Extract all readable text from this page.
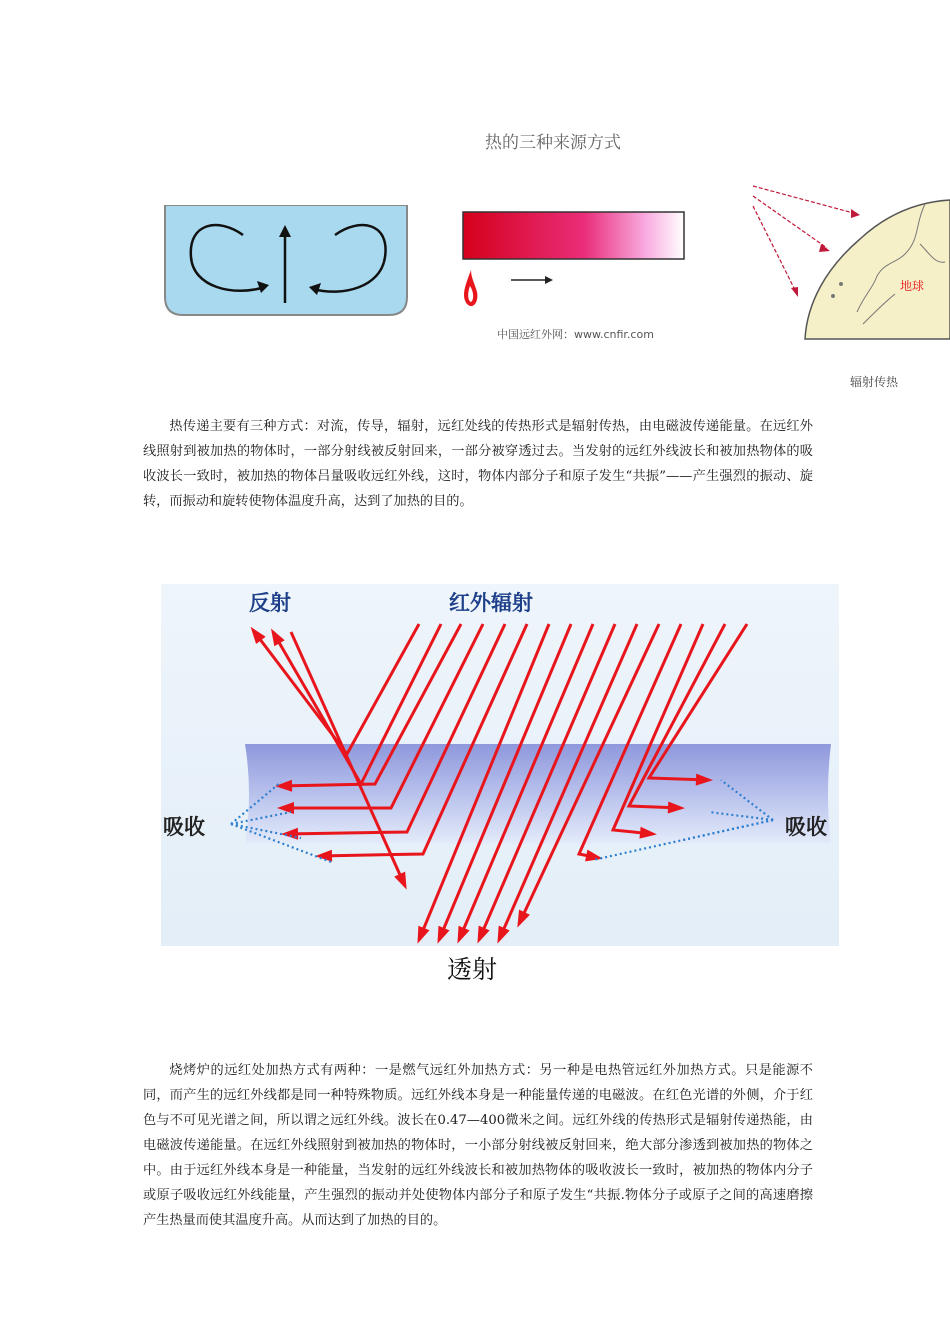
热的三种来源方式
中国远红外网：www.cnfir.com
地球
辐射传热

热传递主要有三种方式：对流，传导，辐射，远红处线的传热形式是辐射传热，由电磁波传递能量。在远红外线照射到被加热的物体时，一部分射线被反射回来，一部分被穿透过去。当发射的远红外线波长和被加热物体的吸收波长一致时，被加热的物体吕量吸收远红外线，这时，物体内部分子和原子发生“共振”——产生强烈的振动、旋转，而振动和旋转使物体温度升高，达到了加热的目的。

反射	红外辐射
吸收	吸收
透射

烧烤炉的远红处加热方式有两种：一是燃气远红外加热方式：另一种是电热管远红外加热方式。只是能源不同，而产生的远红外线都是同一种特殊物质。远红外线本身是一种能量传递的电磁波。在红色光谱的外侧，介于红色与不可见光谱之间，所以谓之远红外线。波长在0.47—400微米之间。远红外线的传热形式是辐射传递热能，由电磁波传递能量。在远红外线照射到被加热的物体时，一小部分射线被反射回来，绝大部分渗透到被加热的物体之中。由于远红外线本身是一种能量，当发射的远红外线波长和被加热物体的吸收波长一致时，被加热的物体内分子或原子吸收远红外线能量，产生强烈的振动并处使物体内部分子和原子发生“共振.物体分子或原子之间的高速磨擦产生热量而使其温度升高。从而达到了加热的目的。
